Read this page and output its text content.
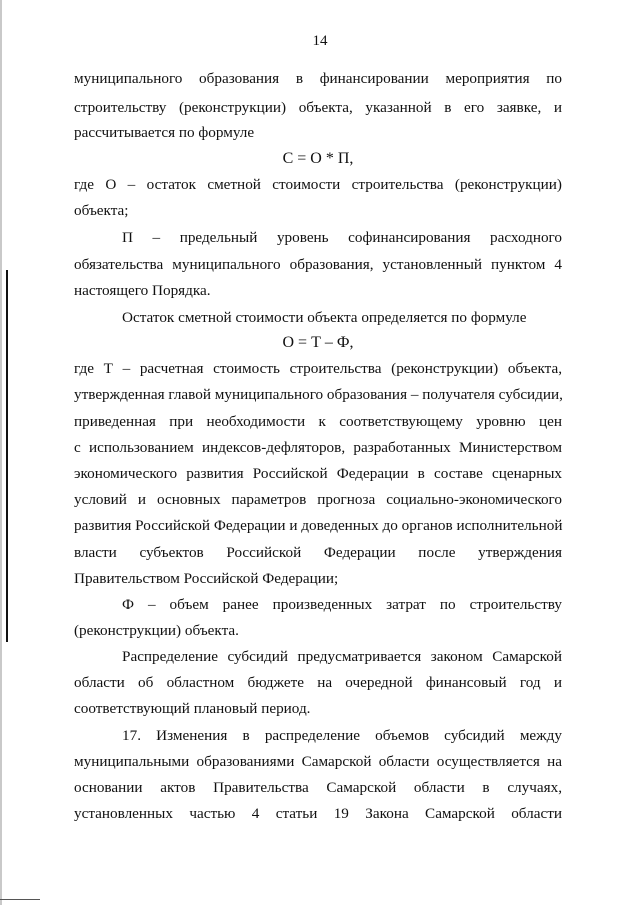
14
муниципального образования в финансировании мероприятия по
строительству (реконструкции) объекта, указанной в его заявке, и
рассчитывается по формуле
С = О * П,
где О – остаток сметной стоимости строительства (реконструкции)
объекта;
П – предельный уровень софинансирования расходного
обязательства муниципального образования, установленный пунктом 4
настоящего Порядка.
Остаток сметной стоимости объекта определяется по формуле
О = Т – Ф,
где Т – расчетная стоимость строительства (реконструкции) объекта,
утвержденная главой муниципального образования – получателя субсидии,
приведенная при необходимости к соответствующему уровню цен
с использованием индексов-дефляторов, разработанных Министерством
экономического развития Российской Федерации в составе сценарных
условий и основных параметров прогноза социально-экономического
развития Российской Федерации и доведенных до органов исполнительной
власти субъектов Российской Федерации после утверждения
Правительством Российской Федерации;
Ф – объем ранее произведенных затрат по строительству
(реконструкции) объекта.
Распределение субсидий предусматривается законом Самарской
области об областном бюджете на очередной финансовый год и
соответствующий плановый период.
17. Изменения в распределение объемов субсидий между
муниципальными образованиями Самарской области осуществляется на
основании актов Правительства Самарской области в случаях,
установленных частью 4 статьи 19 Закона Самарской области
